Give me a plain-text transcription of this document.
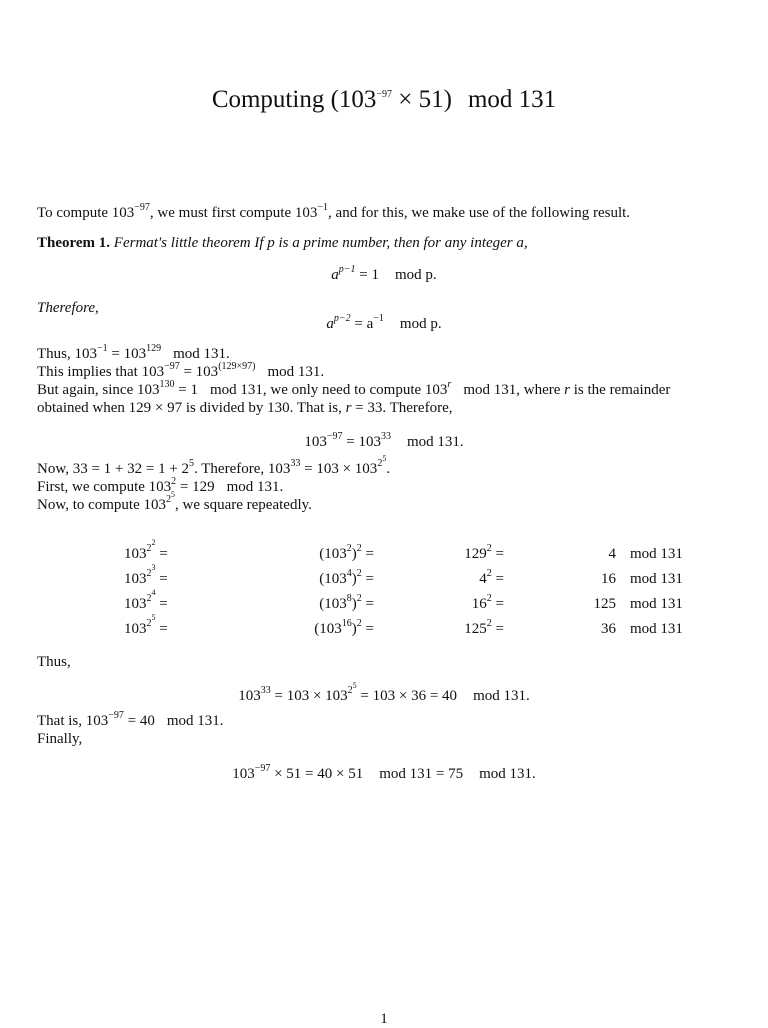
Computing $(103^{-97} \times 51)$ mod 131
To compute $103^{-97}$, we must first compute $103^{-1}$, and for this, we make use of the following result.
Theorem 1. Fermat's little theorem If p is a prime number, then for any integer a,
$a^{p-1} = 1$ mod p.
Therefore,
$a^{p-2} = a^{-1}$ mod p.
Thus, $103^{-1} = 103^{129}$ mod 131.
This implies that $103^{-97} = 103^{(129\times 97)}$ mod 131.
But again, since $103^{130} = 1$ mod 131, we only need to compute 103$^r$ mod 131, where r is the remainder
obtained when 129 × 97 is divided by 130. That is, r = 33. Therefore,
$103^{-97} = 103^{33}$ mod 131.
Now, $33 = 1 + 32 = 1 + 2^5$. Therefore, $103^{33} = 103 \times 103^{2^5}$.
First, we compute $103^2 = 129$ mod 131.
Now, to compute $103^{2^5}$, we square repeatedly.
$103^{2^2}$ =	$(103^2)^2$ =	$129^2$ =	4	mod 131
$103^{2^3}$ =	$(103^4)^2$ =	$4^2$ =	16	mod 131
$103^{2^4}$ =	$(103^8)^2$ =	$16^2$ =	125	mod 131
$103^{2^5}$ =	$(103^{16})^2$ =	$125^2$ =	36	mod 131
Thus,
$103^{33} = 103 \times 103^{2^5} = 103 \times 36 = 40$ mod 131.
That is, $103^{-97} = 40$ mod 131.
Finally,
$103^{-97} \times 51 = 40 \times 51$ mod 131 = 75 mod 131.
1
